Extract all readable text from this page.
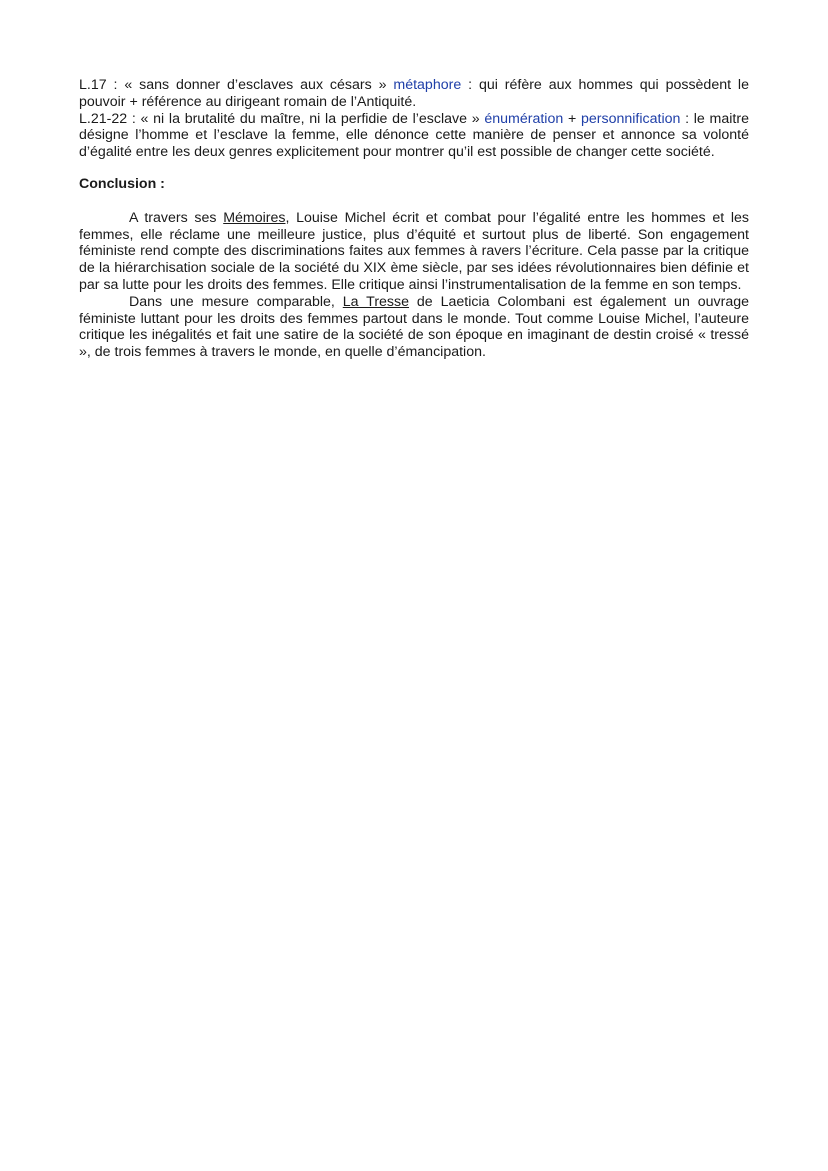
L.17 : « sans donner d’esclaves aux césars » métaphore : qui réfère aux hommes qui possèdent le pouvoir + référence au dirigeant romain de l’Antiquité.

L.21-22 : « ni la brutalité du maître, ni la perfidie de l’esclave » énumération + personnification : le maitre désigne l’homme et l’esclave la femme, elle dénonce cette manière de penser et annonce sa volonté d’égalité entre les deux genres explicitement pour montrer qu’il est possible de changer cette société.

Conclusion :

A travers ses Mémoires, Louise Michel écrit et combat pour l’égalité entre les hommes et les femmes, elle réclame une meilleure justice, plus d’équité et surtout plus de liberté. Son engagement féministe rend compte des discriminations faites aux femmes à ravers l’écriture. Cela passe par la critique de la hiérarchisation sociale de la société du XIX ème siècle, par ses idées révolutionnaires bien définie et par sa lutte pour les droits des femmes. Elle critique ainsi l’instrumentalisation de la femme en son temps.

Dans une mesure comparable, La Tresse de Laeticia Colombani est également un ouvrage féministe luttant pour les droits des femmes partout dans le monde. Tout comme Louise Michel, l’auteure critique les inégalités et fait une satire de la société de son époque en imaginant de destin croisé « tressé », de trois femmes à travers le monde, en quelle d’émancipation.
